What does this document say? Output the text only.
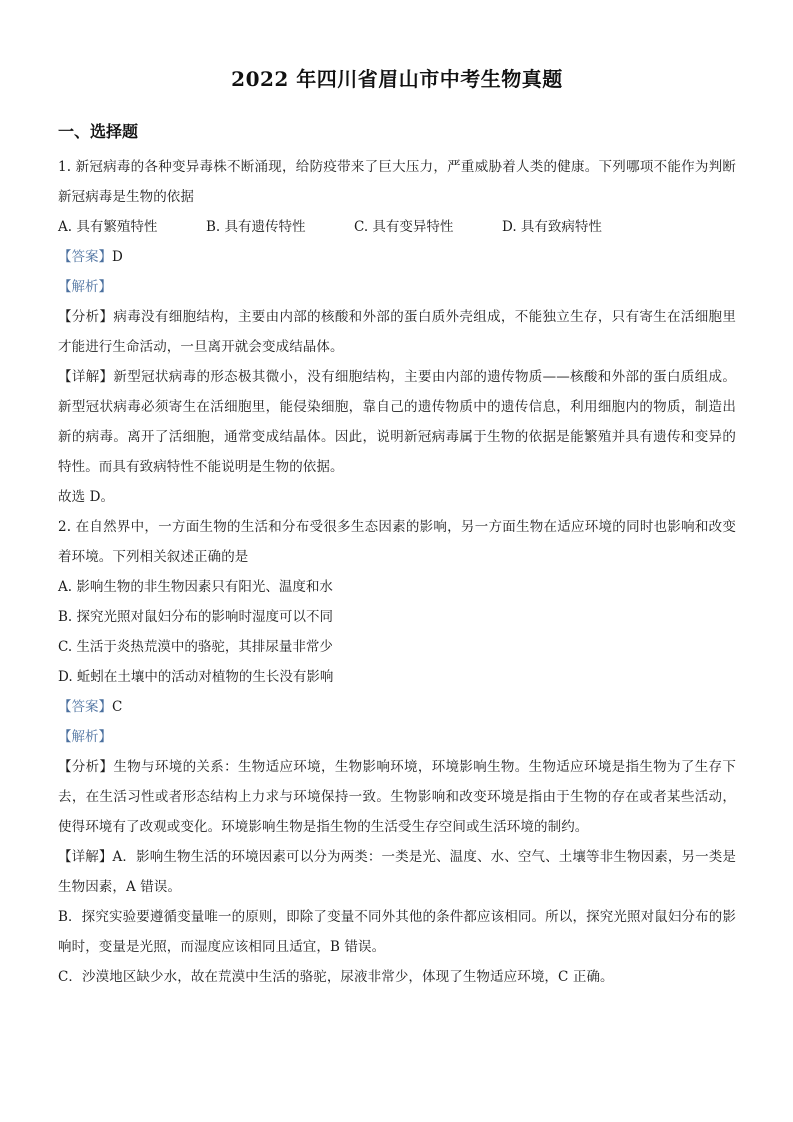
2022 年四川省眉山市中考生物真题
一、选择题

1. 新冠病毒的各种变异毒株不断涌现，给防疫带来了巨大压力，严重威胁着人类的健康。下列哪项不能作为判断新冠病毒是生物的依据

A. 具有繁殖特性	B. 具有遗传特性	C. 具有变异特性	D. 具有致病特性

【答案】D

【解析】

【分析】病毒没有细胞结构，主要由内部的核酸和外部的蛋白质外壳组成，不能独立生存，只有寄生在活细胞里才能进行生命活动，一旦离开就会变成结晶体。

【详解】新型冠状病毒的形态极其微小，没有细胞结构，主要由内部的遗传物质——核酸和外部的蛋白质组成。新型冠状病毒必须寄生在活细胞里，能侵染细胞，靠自己的遗传物质中的遗传信息，利用细胞内的物质，制造出新的病毒。离开了活细胞，通常变成结晶体。因此，说明新冠病毒属于生物的依据是能繁殖并具有遗传和变异的特性。而具有致病特性不能说明是生物的依据。

故选 D。

2. 在自然界中，一方面生物的生活和分布受很多生态因素的影响，另一方面生物在适应环境的同时也影响和改变着环境。下列相关叙述正确的是

A. 影响生物的非生物因素只有阳光、温度和水

B. 探究光照对鼠妇分布的影响时湿度可以不同

C. 生活于炎热荒漠中的骆驼，其排尿量非常少

D. 蚯蚓在土壤中的活动对植物的生长没有影响

【答案】C

【解析】

【分析】生物与环境的关系：生物适应环境，生物影响环境，环境影响生物。生物适应环境是指生物为了生存下去，在生活习性或者形态结构上力求与环境保持一致。生物影响和改变环境是指由于生物的存在或者某些活动，使得环境有了改观或变化。环境影响生物是指生物的生活受生存空间或生活环境的制约。

【详解】A．影响生物生活的环境因素可以分为两类：一类是光、温度、水、空气、土壤等非生物因素，另一类是生物因素，A 错误。

B．探究实验要遵循变量唯一的原则，即除了变量不同外其他的条件都应该相同。所以，探究光照对鼠妇分布的影响时，变量是光照，而湿度应该相同且适宜，B 错误。

C．沙漠地区缺少水，故在荒漠中生活的骆驼，尿液非常少，体现了生物适应环境，C 正确。
